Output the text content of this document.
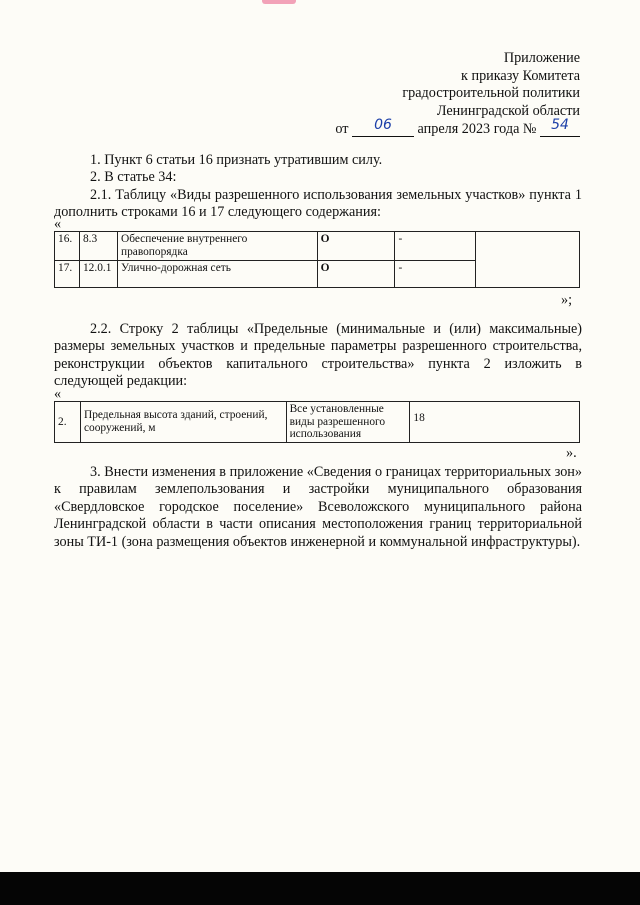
Приложение
к приказу Комитета
градостроительной политики
Ленинградской области
от 06 апреля 2023 года № 54

1. Пункт 6 статьи 16 признать утратившим силу.

2. В статье 34:

2.1. Таблицу «Виды разрешенного использования земельных участков» пункта 1 дополнить строками 16 и 17 следующего содержания:

«
16.	8.3	Обеспечение внутреннего правопорядка	О	-	
17.	12.0.1	Улично-дорожная сеть	О	-	
»;

2.2. Строку 2 таблицы «Предельные (минимальные и (или) максимальные) размеры земельных участков и предельные параметры разрешенного строительства, реконструкции объектов капитального строительства» пункта 2 изложить в следующей редакции:

«
2.	Предельная высота зданий, строений, сооружений, м	Все установленные виды разрешенного использования	18
».

3. Внести изменения в приложение «Сведения о границах территориальных зон» к правилам землепользования и застройки муниципального образования «Свердловское городское поселение» Всеволожского муниципального района Ленинградской области в части описания местоположения границ территориальной зоны ТИ-1 (зона размещения объектов инженерной и коммунальной инфраструктуры).
